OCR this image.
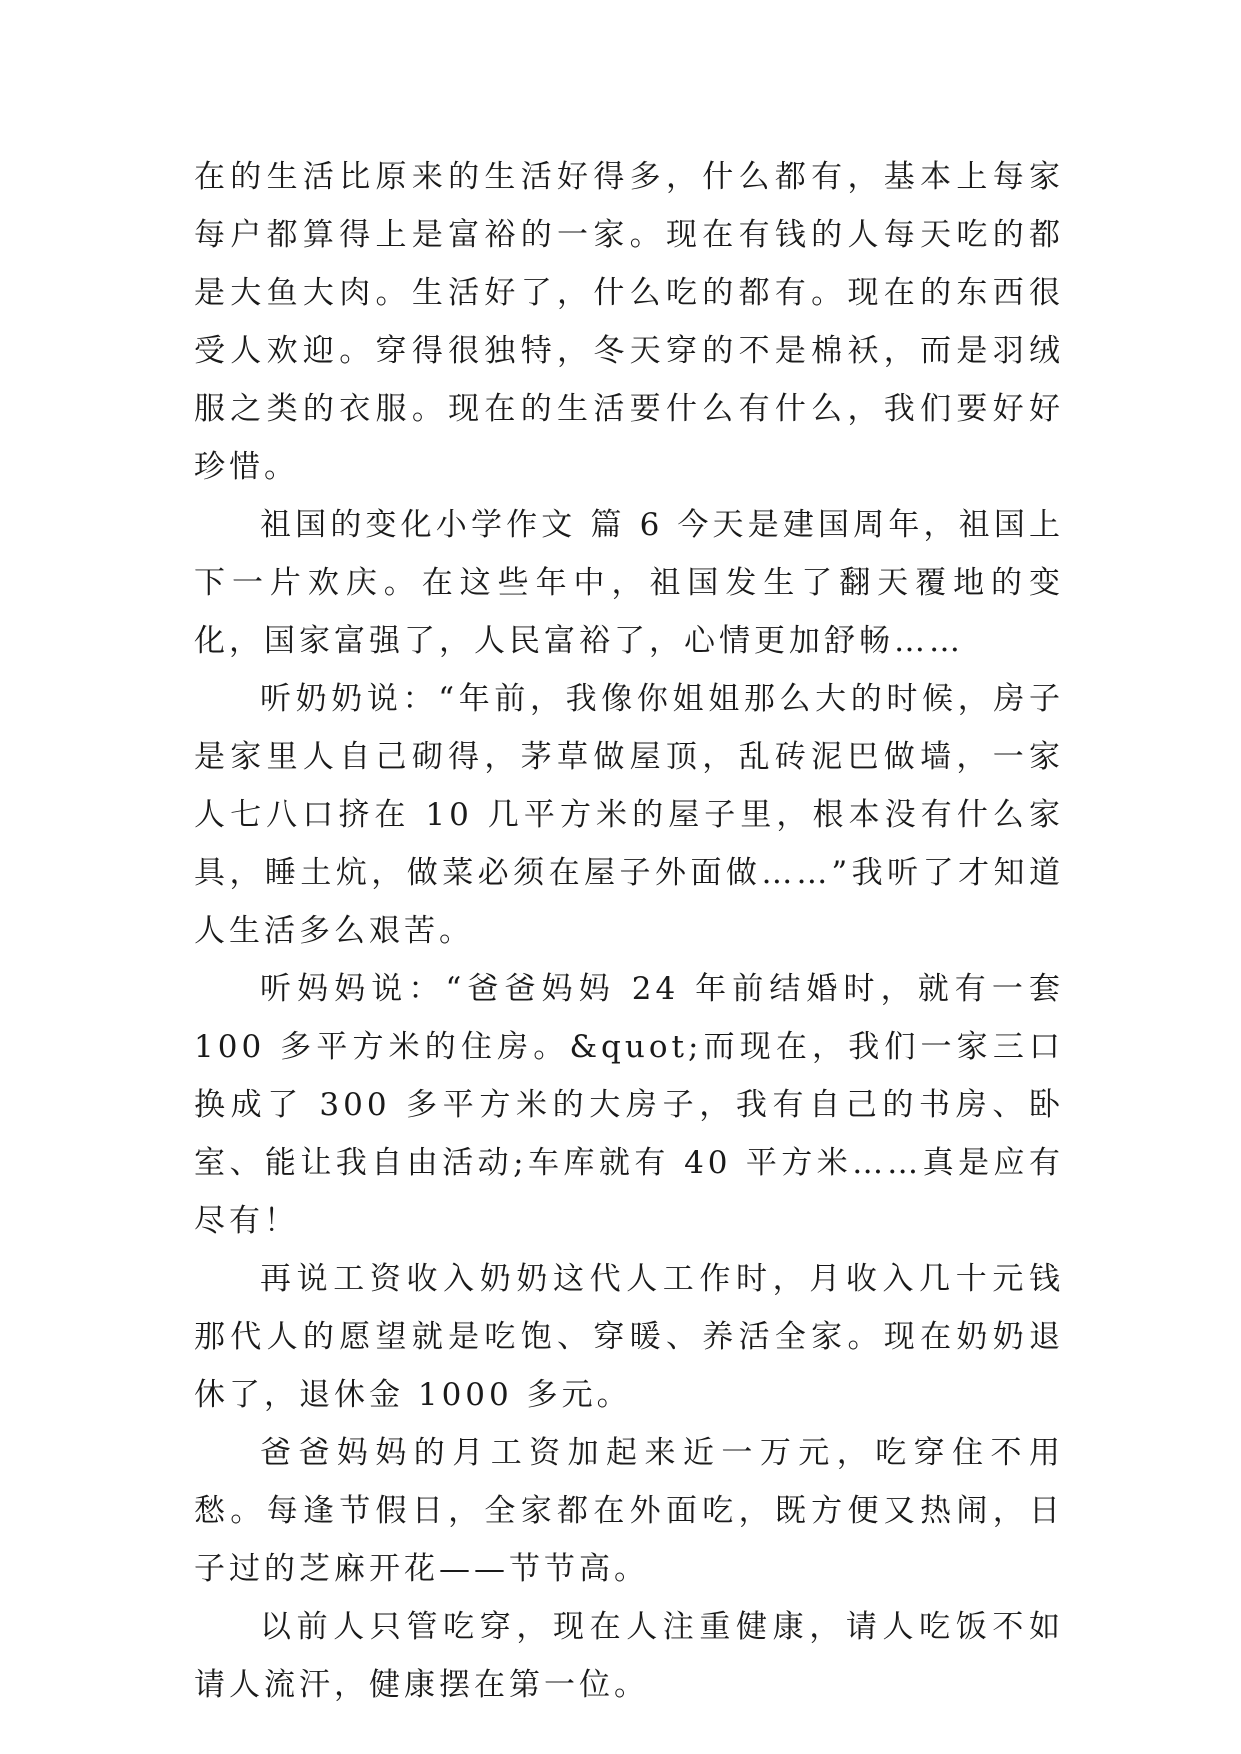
在的生活比原来的生活好得多，什么都有，基本上每家每户都算得上是富裕的一家。现在有钱的人每天吃的都是大鱼大肉。生活好了，什么吃的都有。现在的东西很受人欢迎。穿得很独特，冬天穿的不是棉袄，而是羽绒服之类的衣服。现在的生活要什么有什么，我们要好好珍惜。

祖国的变化小学作文 篇 6 今天是建国周年，祖国上下一片欢庆。在这些年中，祖国发生了翻天覆地的变化，国家富强了，人民富裕了，心情更加舒畅……

听奶奶说：“年前，我像你姐姐那么大的时候，房子是家里人自己砌得，茅草做屋顶，乱砖泥巴做墙，一家人七八口挤在 10 几平方米的屋子里，根本没有什么家具，睡土炕，做菜必须在屋子外面做……”我听了才知道人生活多么艰苦。

听妈妈说：“爸爸妈妈 24 年前结婚时，就有一套 100 多平方米的住房。&quot;而现在，我们一家三口换成了 300 多平方米的大房子，我有自己的书房、卧室、能让我自由活动;车库就有 40 平方米……真是应有尽有！

再说工资收入奶奶这代人工作时，月收入几十元钱那代人的愿望就是吃饱、穿暖、养活全家。现在奶奶退休了，退休金 1000 多元。

爸爸妈妈的月工资加起来近一万元，吃穿住不用愁。每逢节假日，全家都在外面吃，既方便又热闹，日子过的芝麻开花——节节高。

以前人只管吃穿，现在人注重健康，请人吃饭不如请人流汗，健康摆在第一位。
